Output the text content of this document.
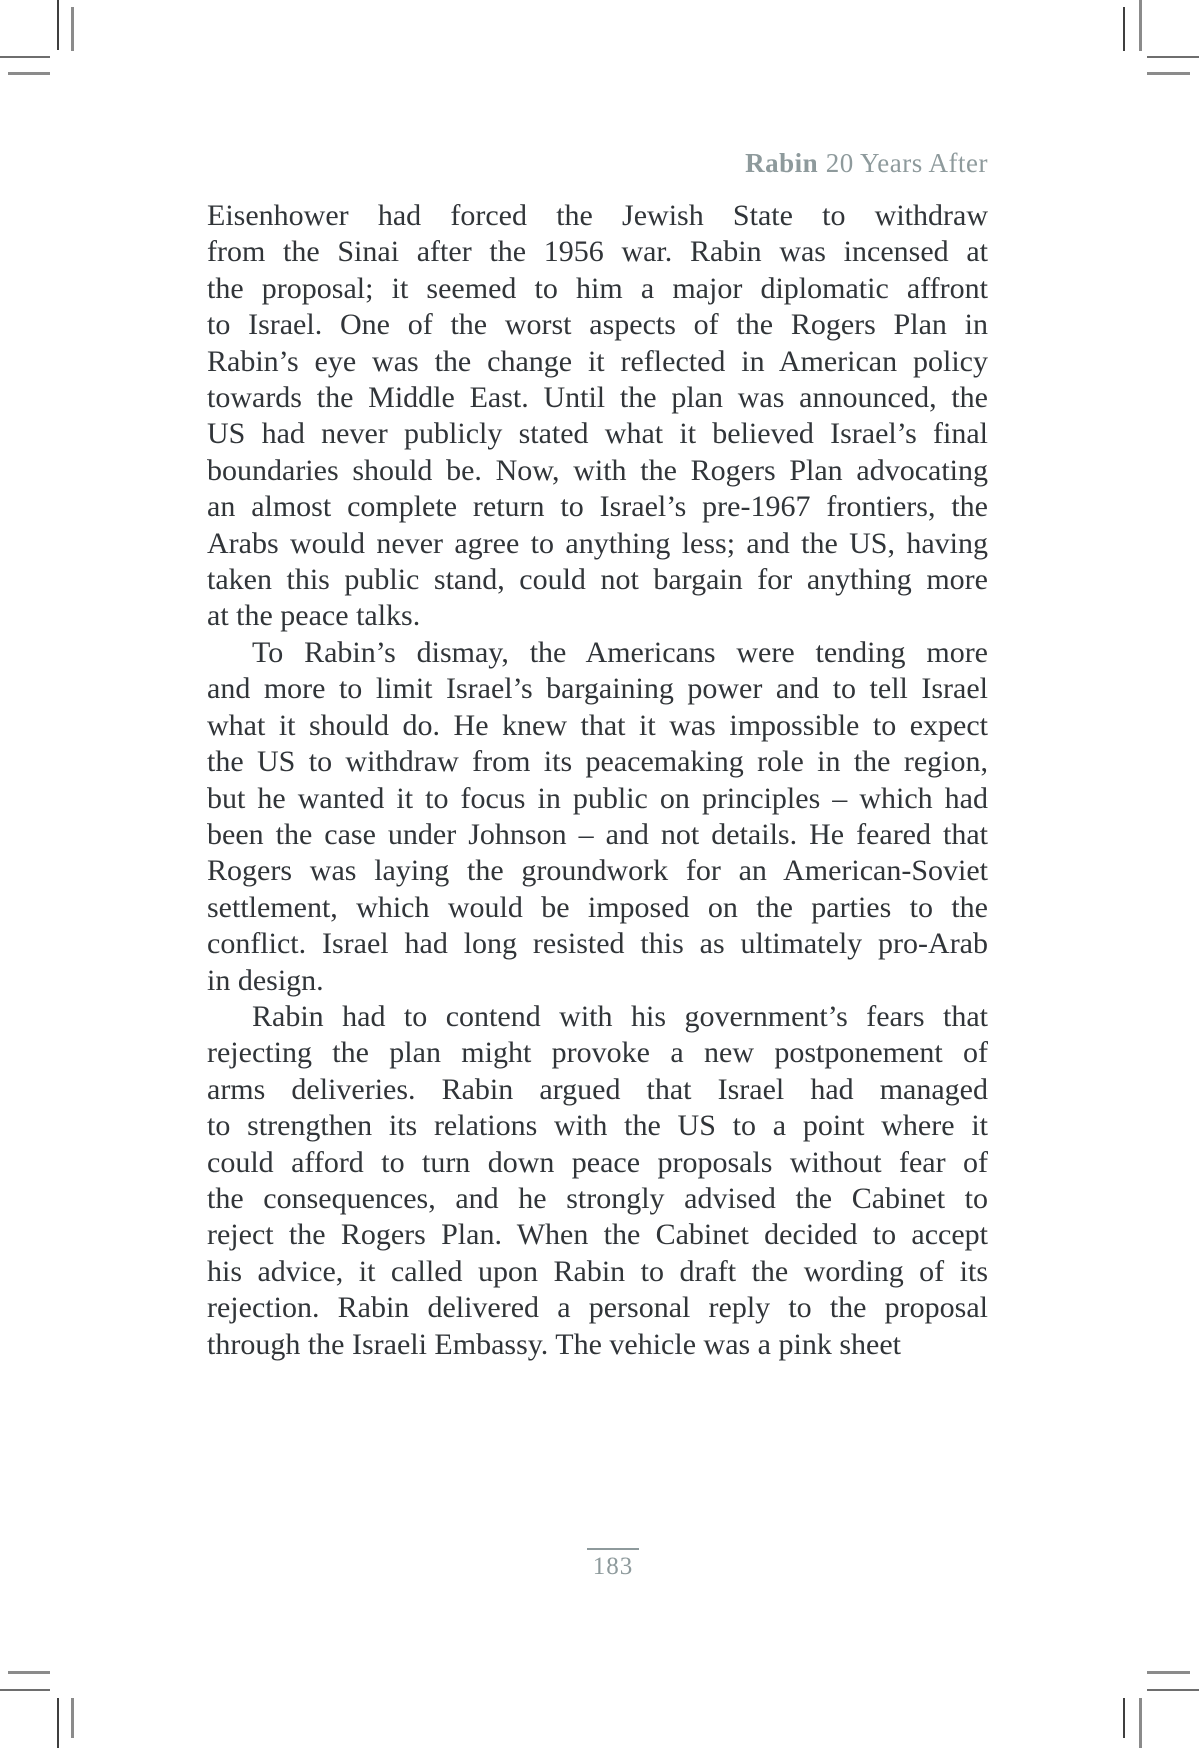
Rabin 20 Years After
Eisenhower had forced the Jewish State to withdraw
from the Sinai after the 1956 war. Rabin was incensed at
the proposal; it seemed to him a major diplomatic affront
to Israel. One of the worst aspects of the Rogers Plan in
Rabin’s eye was the change it reflected in American policy
towards the Middle East. Until the plan was announced, the
US had never publicly stated what it believed Israel’s final
boundaries should be. Now, with the Rogers Plan advocating
an almost complete return to Israel’s pre-1967 frontiers, the
Arabs would never agree to anything less; and the US, having
taken this public stand, could not bargain for anything more
at the peace talks.
To Rabin’s dismay, the Americans were tending more
and more to limit Israel’s bargaining power and to tell Israel
what it should do. He knew that it was impossible to expect
the US to withdraw from its peacemaking role in the region,
but he wanted it to focus in public on principles – which had
been the case under Johnson – and not details. He feared that
Rogers was laying the groundwork for an American-Soviet
settlement, which would be imposed on the parties to the
conflict. Israel had long resisted this as ultimately pro-Arab
in design.
Rabin had to contend with his government’s fears that
rejecting the plan might provoke a new postponement of
arms deliveries. Rabin argued that Israel had managed
to strengthen its relations with the US to a point where it
could afford to turn down peace proposals without fear of
the consequences, and he strongly advised the Cabinet to
reject the Rogers Plan. When the Cabinet decided to accept
his advice, it called upon Rabin to draft the wording of its
rejection. Rabin delivered a personal reply to the proposal
through the Israeli Embassy. The vehicle was a pink sheet
183
